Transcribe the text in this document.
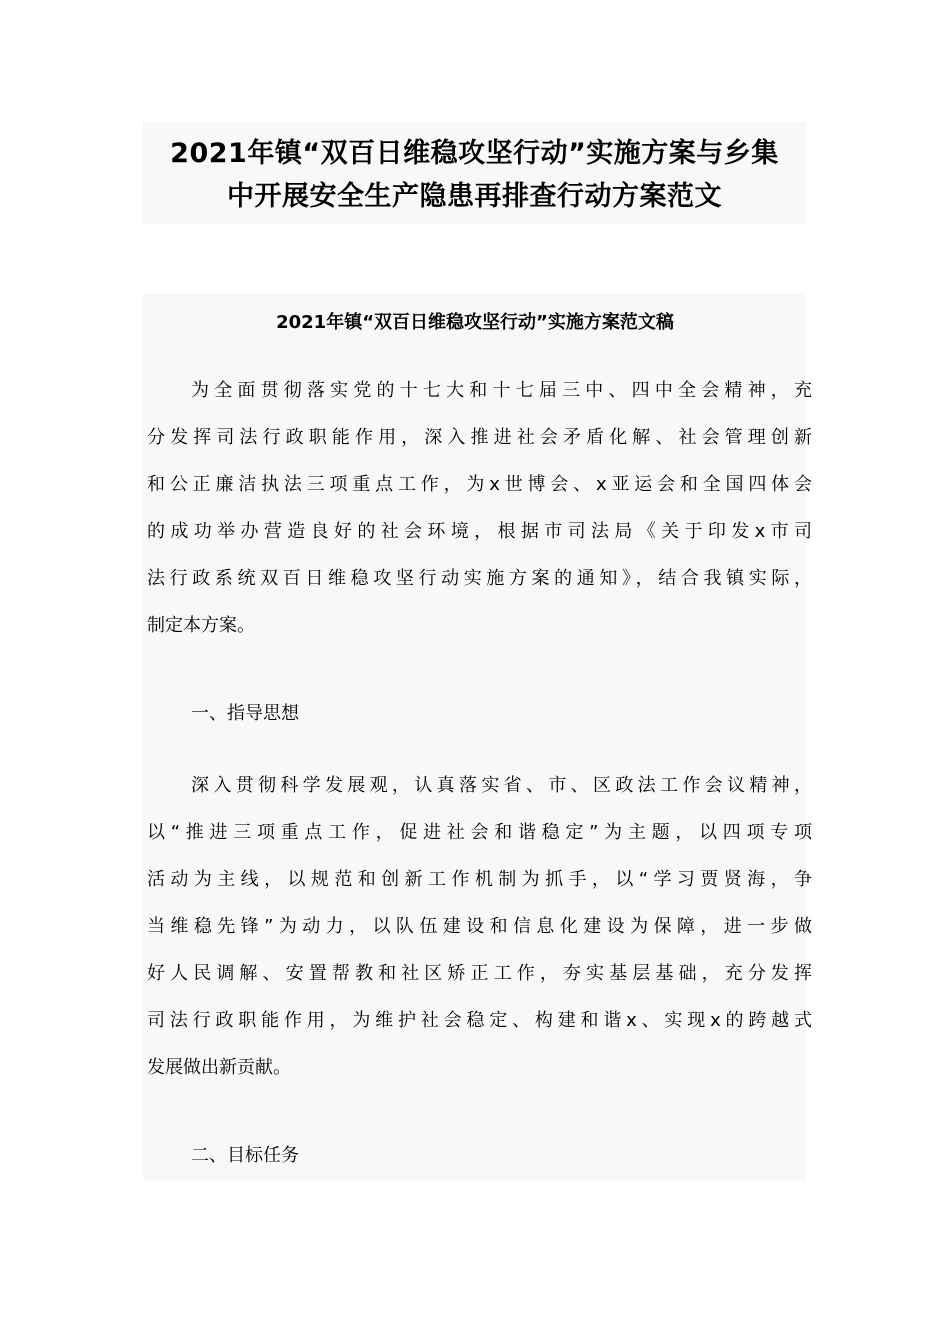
2021年镇“双百日维稳攻坚行动”实施方案与乡集
中开展安全生产隐患再排查行动方案范文
2021年镇“双百日维稳攻坚行动”实施方案范文稿

为全面贯彻落实党的十七大和十七届三中、四中全会精神，充
分发挥司法行政职能作用，深入推进社会矛盾化解、社会管理创新
和公正廉洁执法三项重点工作，为x世博会、x亚运会和全国四体会
的成功举办营造良好的社会环境，根据市司法局《关于印发x市司
法行政系统双百日维稳攻坚行动实施方案的通知》，结合我镇实际，
制定本方案。

一、指导思想

深入贯彻科学发展观，认真落实省、市、区政法工作会议精神，
以“推进三项重点工作，促进社会和谐稳定”为主题，以四项专项
活动为主线，以规范和创新工作机制为抓手，以“学习贾贤海，争
当维稳先锋”为动力，以队伍建设和信息化建设为保障，进一步做
好人民调解、安置帮教和社区矫正工作，夯实基层基础，充分发挥
司法行政职能作用，为维护社会稳定、构建和谐x、实现x的跨越式
发展做出新贡献。

二、目标任务
